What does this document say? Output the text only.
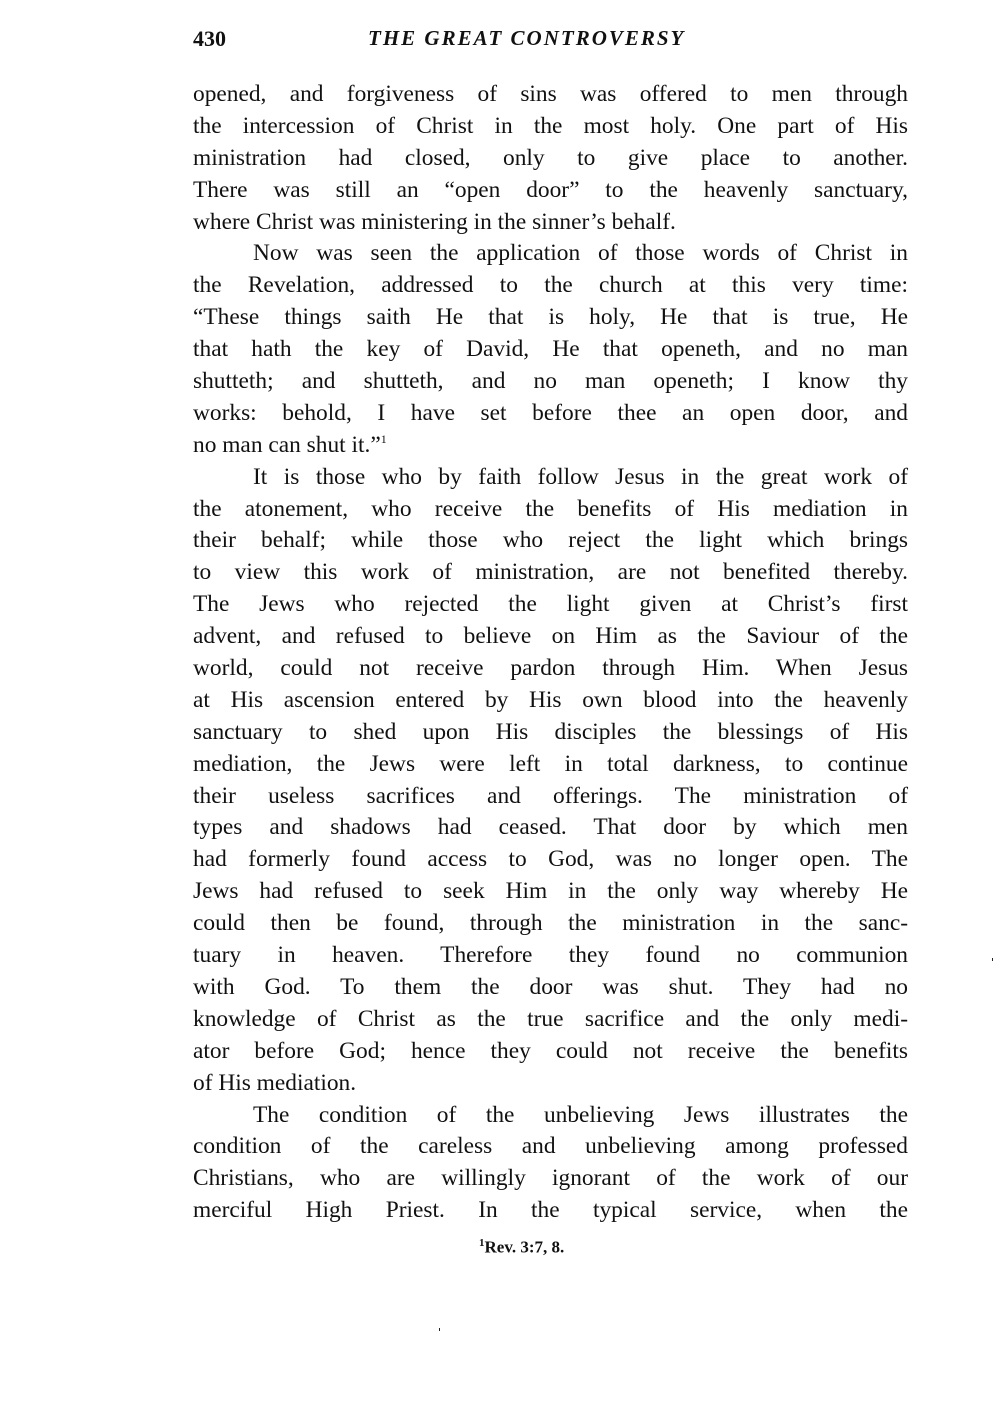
430	THE GREAT CONTROVERSY

opened, and forgiveness of sins was offered to men through
the intercession of Christ in the most holy. One part of His
ministration had closed, only to give place to another.
There was still an “open door” to the heavenly sanctuary,
where Christ was ministering in the sinner’s behalf.

Now was seen the application of those words of Christ in
the Revelation, addressed to the church at this very time:
“These things saith He that is holy, He that is true, He
that hath the key of David, He that openeth, and no man
shutteth; and shutteth, and no man openeth; I know thy
works: behold, I have set before thee an open door, and
no man can shut it.”$^1$

It is those who by faith follow Jesus in the great work of
the atonement, who receive the benefits of His mediation in
their behalf; while those who reject the light which brings
to view this work of ministration, are not benefited thereby.
The Jews who rejected the light given at Christ’s first
advent, and refused to believe on Him as the Saviour of the
world, could not receive pardon through Him. When Jesus
at His ascension entered by His own blood into the heavenly
sanctuary to shed upon His disciples the blessings of His
mediation, the Jews were left in total darkness, to continue
their useless sacrifices and offerings. The ministration of
types and shadows had ceased. That door by which men
had formerly found access to God, was no longer open. The
Jews had refused to seek Him in the only way whereby He
could then be found, through the ministration in the sanc-
tuary in heaven. Therefore they found no communion
with God. To them the door was shut. They had no
knowledge of Christ as the true sacrifice and the only medi-
ator before God; hence they could not receive the benefits
of His mediation.

The condition of the unbelieving Jews illustrates the
condition of the careless and unbelieving among professed
Christians, who are willingly ignorant of the work of our
merciful High Priest. In the typical service, when the

$^1$Rev. 3:7, 8.
